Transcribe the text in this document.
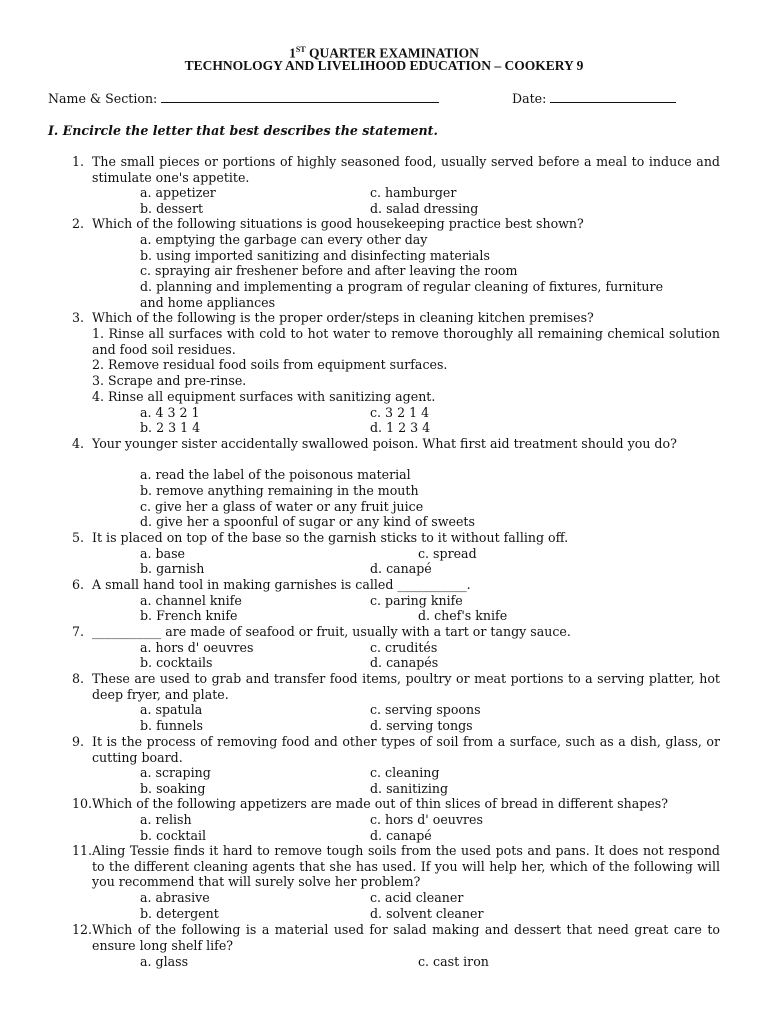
1ST QUARTER EXAMINATION
TECHNOLOGY AND LIVELIHOOD EDUCATION – COOKERY 9
Name & Section:	Date:
I. Encircle the letter that best describes the statement.
1. The small pieces or portions of highly seasoned food, usually served before a meal to induce and stimulate one's appetite.
a. appetizer	c. hamburger
b. dessert	d. salad dressing
2. Which of the following situations is good housekeeping practice best shown?
a. emptying the garbage can every other day
b. using imported sanitizing and disinfecting materials
c. spraying air freshener before and after leaving the room
d. planning and implementing a program of regular cleaning of fixtures, furniture
and home appliances
3. Which of the following is the proper order/steps in cleaning kitchen premises?
1. Rinse all surfaces with cold to hot water to remove thoroughly all remaining chemical solution and food soil residues.
2. Remove residual food soils from equipment surfaces.
3. Scrape and pre-rinse.
4. Rinse all equipment surfaces with sanitizing agent.
a. 4 3 2 1	c. 3 2 1 4
b. 2 3 1 4	d. 1 2 3 4
4. Your younger sister accidentally swallowed poison. What first aid treatment should you do?
a. read the label of the poisonous material
b. remove anything remaining in the mouth
c. give her a glass of water or any fruit juice
d. give her a spoonful of sugar or any kind of sweets
5. It is placed on top of the base so the garnish sticks to it without falling off.
a. base	c. spread
b. garnish	d. canapé
6. A small hand tool in making garnishes is called ___________.
a. channel knife	c. paring knife
b. French knife	d. chef's knife
7. ___________ are made of seafood or fruit, usually with a tart or tangy sauce.
a. hors d' oeuvres	c. crudités
b. cocktails	d. canapés
8. These are used to grab and transfer food items, poultry or meat portions to a serving platter, hot deep fryer, and plate.
a. spatula	c. serving spoons
b. funnels	d. serving tongs
9. It is the process of removing food and other types of soil from a surface, such as a dish, glass, or cutting board.
a. scraping	c. cleaning
b. soaking	d. sanitizing
10. Which of the following appetizers are made out of thin slices of bread in different shapes?
a. relish	c. hors d' oeuvres
b. cocktail	d. canapé
11. Aling Tessie finds it hard to remove tough soils from the used pots and pans. It does not respond to the different cleaning agents that she has used. If you will help her, which of the following will you recommend that will surely solve her problem?
a. abrasive	c. acid cleaner
b. detergent	d. solvent cleaner
12. Which of the following is a material used for salad making and dessert that need great care to ensure long shelf life?
a. glass	c. cast iron
